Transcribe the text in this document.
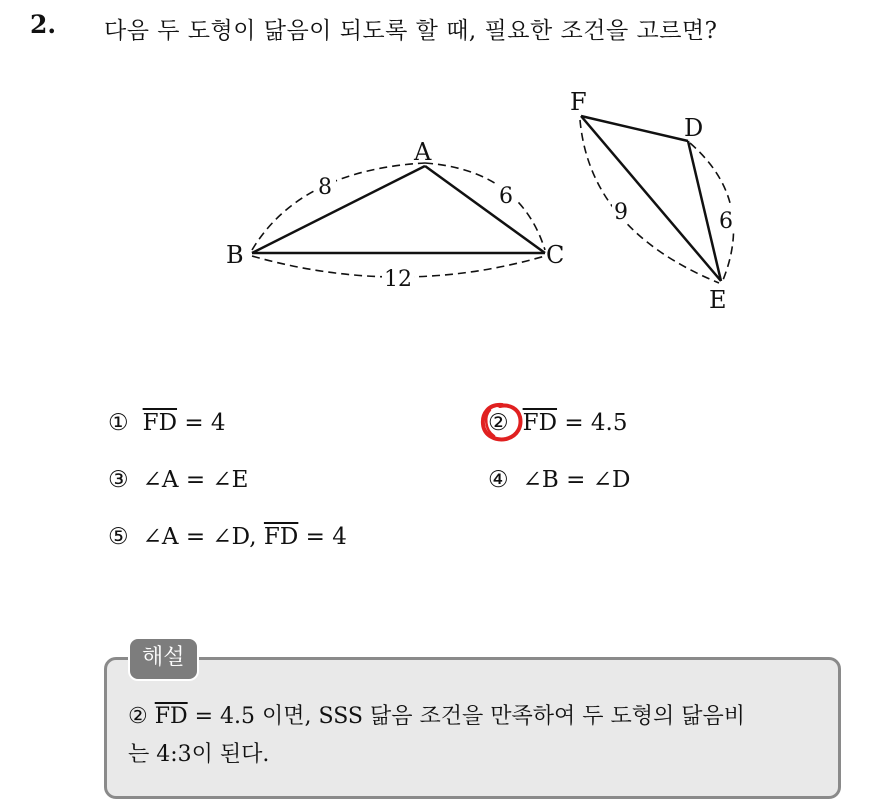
2. 다음 두 도형이 닮음이 되도록 할 때, 필요한 조건을 고르면?
8	6
12
A
B	C
9	6
F
D
E
① $\overline{FD} = 4$	② $\overline{FD} = 4.5$
③ ∠A = ∠E	④ ∠B = ∠D
⑤ ∠A = ∠D, $\overline{FD} = 4$
해설
② $\overline{FD} = 4.5$ 이면, SSS 닮음 조건을 만족하여 두 도형의 닮음비
는 4:3이 된다.
